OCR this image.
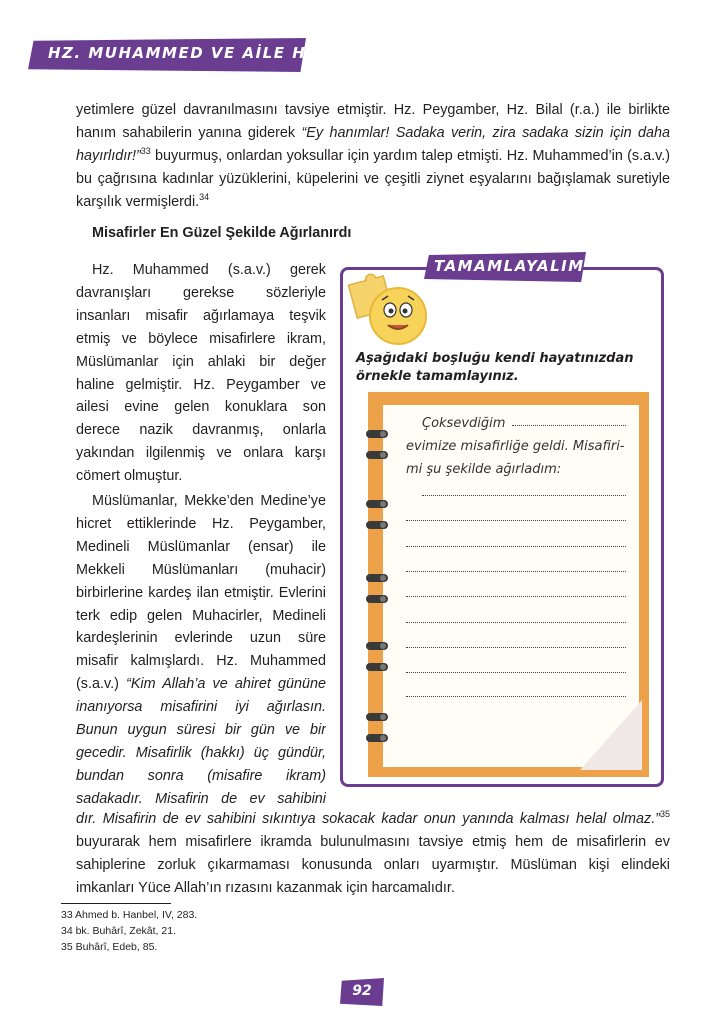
HZ. MUHAMMED VE AİLE HAYATI

yetimlere güzel davranılmasını tavsiye etmiştir. Hz. Peygamber, Hz. Bilal (r.a.) ile birlikte hanım sahabilerin yanına giderek “Ey hanımlar! Sadaka verin, zira sadaka sizin için daha hayırlıdır!”$^{33}$ buyurmuş, onlardan yoksullar için yardım talep etmişti. Hz. Muhammed’in (s.a.v.) bu çağrısına kadınlar yüzüklerini, küpelerini ve çeşitli ziynet eşyalarını bağışlamak suretiyle karşılık vermişlerdi.$^{34}$

Misafirler En Güzel Şekilde Ağırlanırdı

Hz. Muhammed (s.a.v.) gerek davranışları gerekse sözleriyle insanları misafir ağırlamaya teşvik etmiş ve böylece misafirlere ikram, Müslümanlar için ahlaki bir değer haline gelmiştir. Hz. Peygamber ve ailesi evine gelen konuklara son derece nazik davranmış, onlarla yakından ilgilenmiş ve onlara karşı cömert olmuştur.

Müslümanlar, Mekke’den Medine’ye hicret ettiklerinde Hz. Peygamber, Medineli Müslümanlar (ensar) ile Mekkeli Müslümanları (muhacir) birbirlerine kardeş ilan etmiştir. Evlerini terk edip gelen Muhacirler, Medineli kardeşlerinin evlerinde uzun süre misafir kalmışlardı. Hz. Muhammed (s.a.v.) “Kim Allah’a ve ahiret gününe inanıyorsa misafirini iyi ağırlasın. Bunun uygun süresi bir gün ve bir gecedir. Misafirlik (hakkı) üç gündür, bundan sonra (misafire ikram) sadakadır. Misafirin de ev sahibini

dır. Misafirin de ev sahibini sıkıntıya sokacak kadar onun yanında kalması helal olmaz.”$^{35}$ buyurarak hem misafirlere ikramda bulunulmasını tavsiye etmiş hem de misafirlerin ev sahiplerine zorluk çıkarmaması konusunda onları uyarmıştır. Müslüman kişi elindeki imkanları Yüce Allah’ın rızasını kazanmak için harcamalıdır.

TAMAMLAYALIM
Aşağıdaki boşluğu kendi hayatınızdan örnekle tamamlayınız.
Çoksevdiğim
evimize misafirliğe geldi. Misafiri-
mi şu şekilde ağırladım:
33 Ahmed b. Hanbel, IV, 283.
34 bk. Buhârî, Zekât, 21.
35 Buhârî, Edeb, 85.
92
